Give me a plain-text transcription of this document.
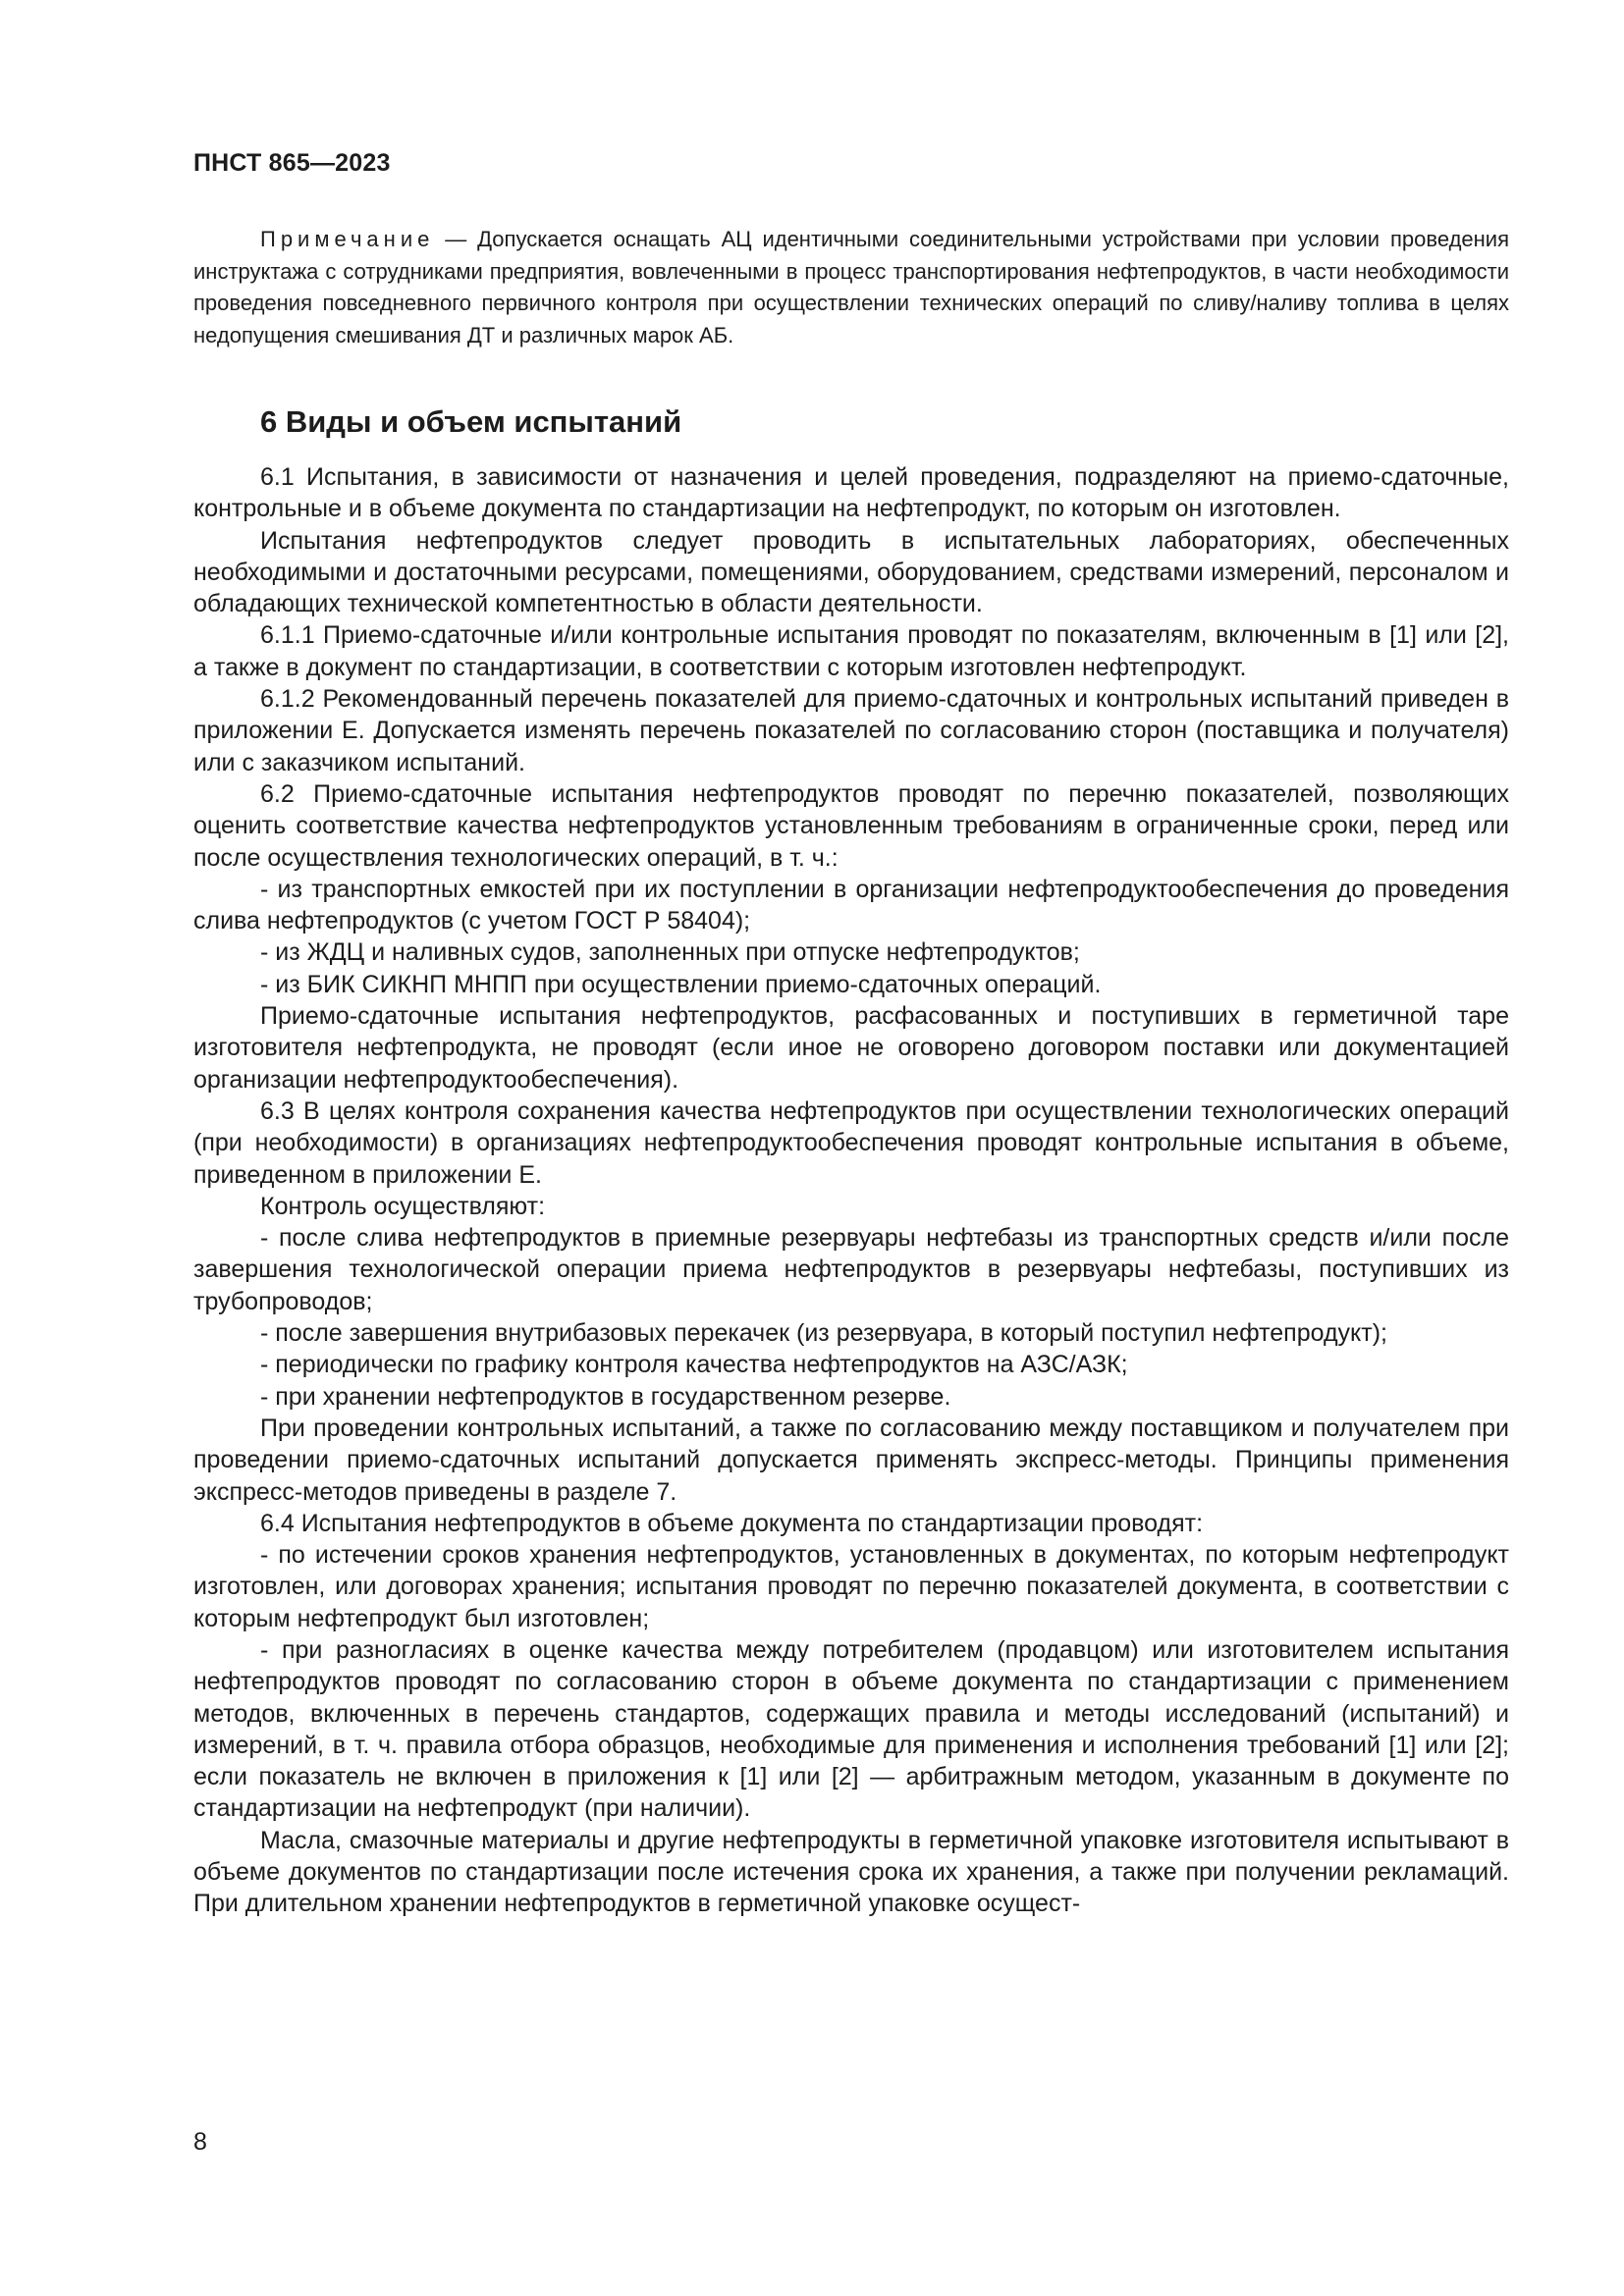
ПНСТ 865—2023

Примечание — Допускается оснащать АЦ идентичными соединительными устройствами при условии проведения инструктажа с сотрудниками предприятия, вовлеченными в процесс транспортирования нефтепродуктов, в части необходимости проведения повседневного первичного контроля при осуществлении технических операций по сливу/наливу топлива в целях недопущения смешивания ДТ и различных марок АБ.

6 Виды и объем испытаний

6.1 Испытания, в зависимости от назначения и целей проведения, подразделяют на приемо-сдаточные, контрольные и в объеме документа по стандартизации на нефтепродукт, по которым он изготовлен.

Испытания нефтепродуктов следует проводить в испытательных лабораториях, обеспеченных необходимыми и достаточными ресурсами, помещениями, оборудованием, средствами измерений, персоналом и обладающих технической компетентностью в области деятельности.

6.1.1 Приемо-сдаточные и/или контрольные испытания проводят по показателям, включенным в [1] или [2], а также в документ по стандартизации, в соответствии с которым изготовлен нефтепродукт.

6.1.2 Рекомендованный перечень показателей для приемо-сдаточных и контрольных испытаний приведен в приложении Е. Допускается изменять перечень показателей по согласованию сторон (поставщика и получателя) или с заказчиком испытаний.

6.2 Приемо-сдаточные испытания нефтепродуктов проводят по перечню показателей, позволяющих оценить соответствие качества нефтепродуктов установленным требованиям в ограниченные сроки, перед или после осуществления технологических операций, в т. ч.:

- из транспортных емкостей при их поступлении в организации нефтепродуктообеспечения до проведения слива нефтепродуктов (с учетом ГОСТ Р 58404);

- из ЖДЦ и наливных судов, заполненных при отпуске нефтепродуктов;

- из БИК СИКНП МНПП при осуществлении приемо-сдаточных операций.

Приемо-сдаточные испытания нефтепродуктов, расфасованных и поступивших в герметичной таре изготовителя нефтепродукта, не проводят (если иное не оговорено договором поставки или документацией организации нефтепродуктообеспечения).

6.3 В целях контроля сохранения качества нефтепродуктов при осуществлении технологических операций (при необходимости) в организациях нефтепродуктообеспечения проводят контрольные испытания в объеме, приведенном в приложении Е.

Контроль осуществляют:

- после слива нефтепродуктов в приемные резервуары нефтебазы из транспортных средств и/или после завершения технологической операции приема нефтепродуктов в резервуары нефтебазы, поступивших из трубопроводов;

- после завершения внутрибазовых перекачек (из резервуара, в который поступил нефтепродукт);

- периодически по графику контроля качества нефтепродуктов на АЗС/АЗК;

- при хранении нефтепродуктов в государственном резерве.

При проведении контрольных испытаний, а также по согласованию между поставщиком и получателем при проведении приемо-сдаточных испытаний допускается применять экспресс-методы. Принципы применения экспресс-методов приведены в разделе 7.

6.4 Испытания нефтепродуктов в объеме документа по стандартизации проводят:

- по истечении сроков хранения нефтепродуктов, установленных в документах, по которым нефтепродукт изготовлен, или договорах хранения; испытания проводят по перечню показателей документа, в соответствии с которым нефтепродукт был изготовлен;

- при разногласиях в оценке качества между потребителем (продавцом) или изготовителем испытания нефтепродуктов проводят по согласованию сторон в объеме документа по стандартизации с применением методов, включенных в перечень стандартов, содержащих правила и методы исследований (испытаний) и измерений, в т. ч. правила отбора образцов, необходимые для применения и исполнения требований [1] или [2]; если показатель не включен в приложения к [1] или [2] — арбитражным методом, указанным в документе по стандартизации на нефтепродукт (при наличии).

Масла, смазочные материалы и другие нефтепродукты в герметичной упаковке изготовителя испытывают в объеме документов по стандартизации после истечения срока их хранения, а также при получении рекламаций. При длительном хранении нефтепродуктов в герметичной упаковке осущест-

8
